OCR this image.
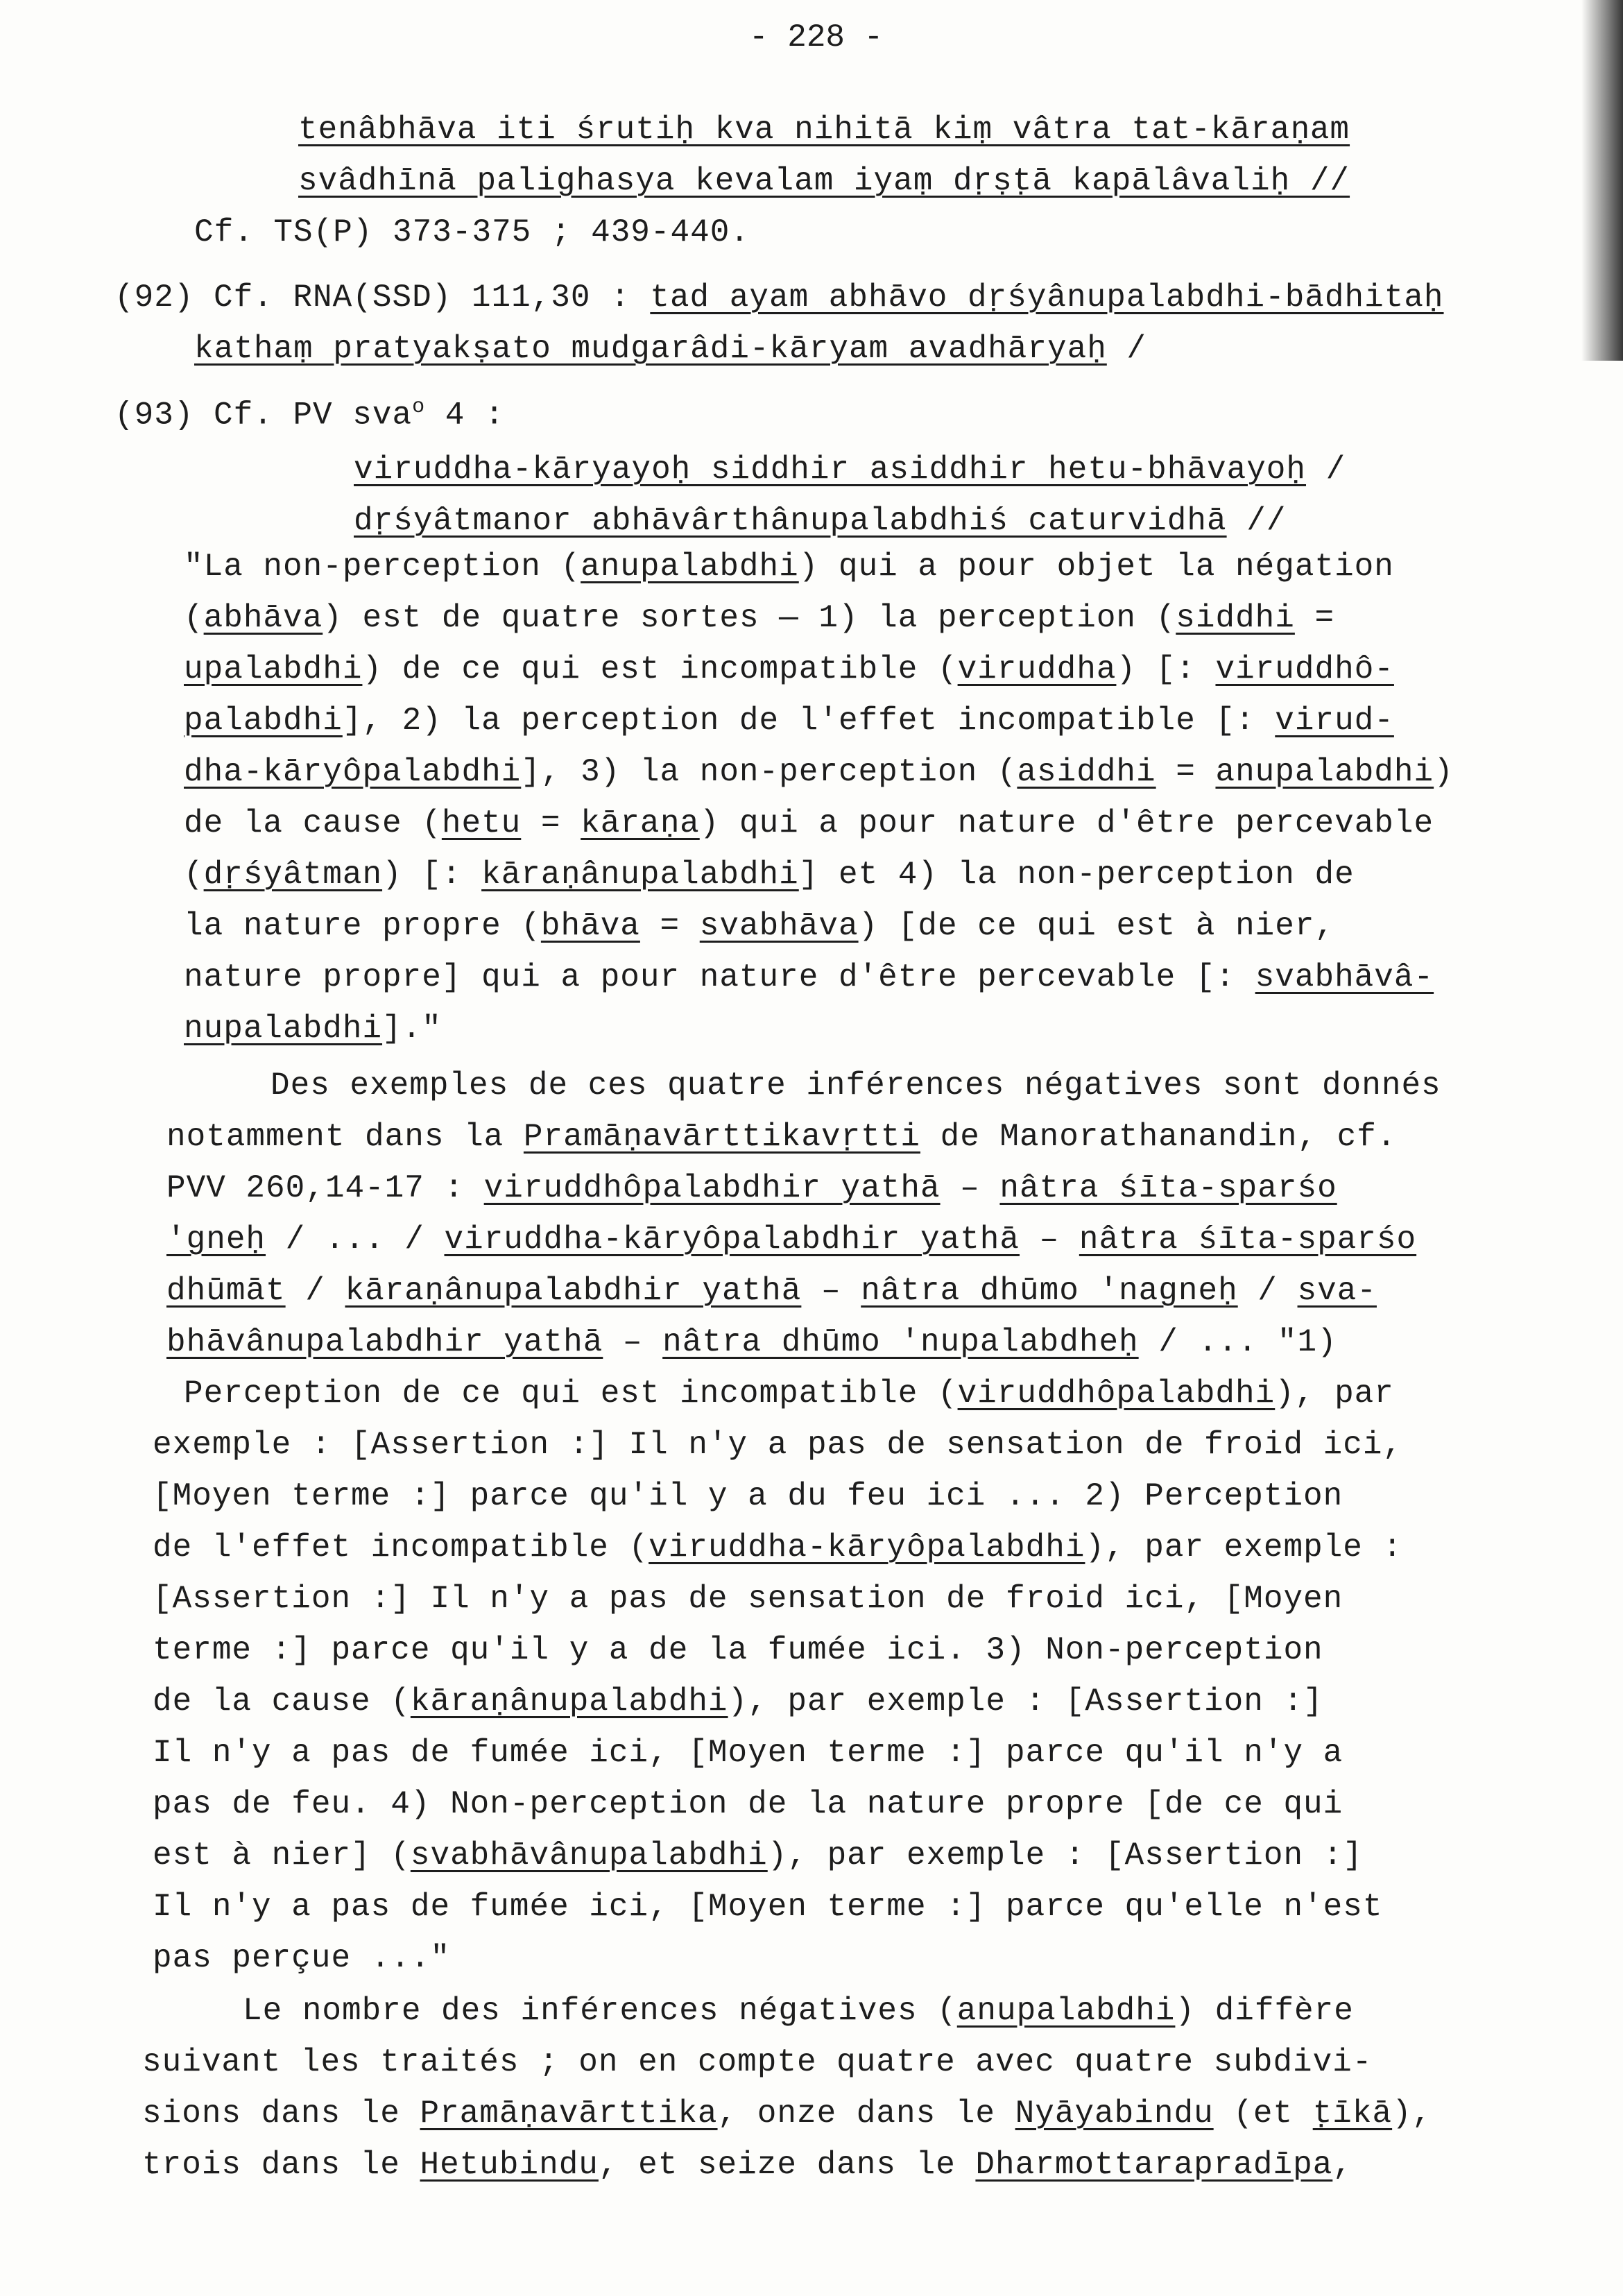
- 228 -
tenâbhāva iti śrutiḥ kva nihitā kiṃ vâtra tat-kāraṇam
svâdhīnā palighasya kevalam iyaṃ dṛṣṭā kapālâvaliḥ //
Cf. TS(P) 373-375 ; 439-440.
(92) Cf. RNA(SSD) 111,30 : tad ayam abhāvo dṛśyânupalabdhi-bādhitaḥ
kathaṃ pratyakṣato mudgarâdi-kāryam avadhāryaḥ /
(93) Cf. PV sva$^o$ 4 :
viruddha-kāryayoḥ siddhir asiddhir hetu-bhāvayoḥ /
dṛśyâtmanor abhāvârthânupalabdhiś caturvidhā //
"La non-perception (anupalabdhi) qui a pour objet la négation
(abhāva) est de quatre sortes — 1) la perception (siddhi =
upalabdhi) de ce qui est incompatible (viruddha) [: viruddhô-
palabdhi], 2) la perception de l'effet incompatible [: virud-
dha-kāryôpalabdhi], 3) la non-perception (asiddhi = anupalabdhi)
de la cause (hetu = kāraṇa) qui a pour nature d'être percevable
(dṛśyâtman) [: kāraṇânupalabdhi] et 4) la non-perception de
la nature propre (bhāva = svabhāva) [de ce qui est à nier,
nature propre] qui a pour nature d'être percevable [: svabhāvâ-
nupalabdhi]."
Des exemples de ces quatre inférences négatives sont donnés
notamment dans la Pramāṇavārttikavṛtti de Manorathanandin, cf.
PVV 260,14-17 : viruddhôpalabdhir yathā – nâtra śīta-sparśo
'gneḥ / ... / viruddha-kāryôpalabdhir yathā – nâtra śīta-sparśo
dhūmāt / kāraṇânupalabdhir yathā – nâtra dhūmo 'nagneḥ / sva-
bhāvânupalabdhir yathā – nâtra dhūmo 'nupalabdheḥ / ... "1)
Perception de ce qui est incompatible (viruddhôpalabdhi), par
exemple : [Assertion :] Il n'y a pas de sensation de froid ici,
[Moyen terme :] parce qu'il y a du feu ici ... 2) Perception
de l'effet incompatible (viruddha-kāryôpalabdhi), par exemple :
[Assertion :] Il n'y a pas de sensation de froid ici, [Moyen
terme :] parce qu'il y a de la fumée ici. 3) Non-perception
de la cause (kāraṇânupalabdhi), par exemple : [Assertion :]
Il n'y a pas de fumée ici, [Moyen terme :] parce qu'il n'y a
pas de feu. 4) Non-perception de la nature propre [de ce qui
est à nier] (svabhāvânupalabdhi), par exemple : [Assertion :]
Il n'y a pas de fumée ici, [Moyen terme :] parce qu'elle n'est
pas perçue ..."
Le nombre des inférences négatives (anupalabdhi) diffère
suivant les traités ; on en compte quatre avec quatre subdivi-
sions dans le Pramāṇavārttika, onze dans le Nyāyabindu (et ṭīkā),
trois dans le Hetubindu, et seize dans le Dharmottarapradīpa,
